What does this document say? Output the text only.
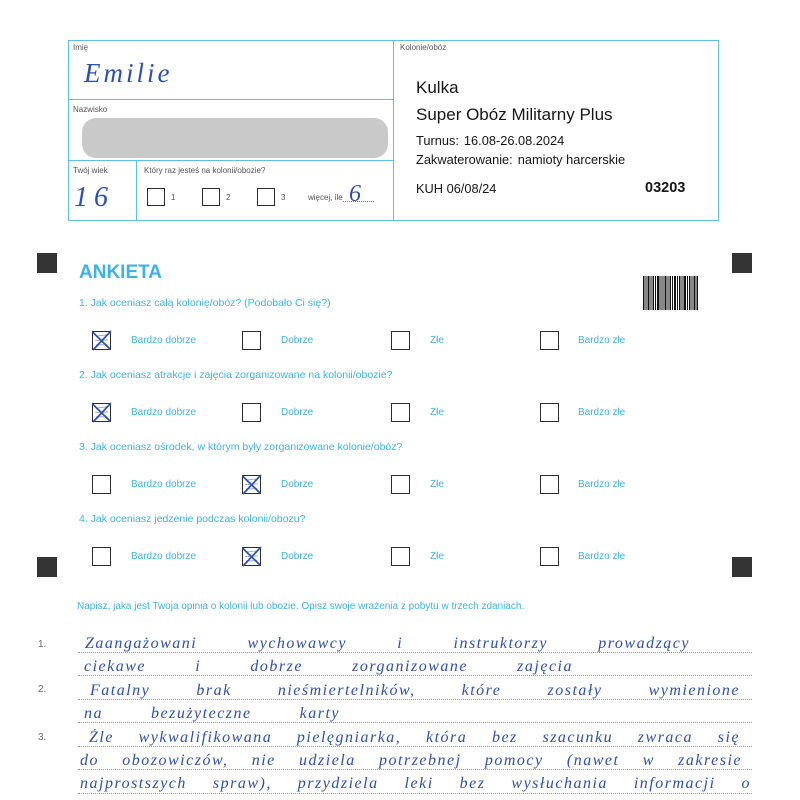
Imię
Emilie
Nazwisko
Twój wiek
16
Który raz jesteś na kolonii/obozie?
1	2	3	więcej, ile 6
Kolonie/obóz
Kulka
Super Obóz Militarny Plus
Turnus: 16.08-26.08.2024
Zakwaterowanie: namioty harcerskie
KUH 06/08/24	03203
ANKIETA
1. Jak oceniasz całą kolonię/obóz? (Podobało Ci się?)
Bardzo dobrze	Dobrze	Złe	Bardzo złe
2. Jak oceniasz atrakcje i zajęcia zorganizowane na kolonii/obozie?
Bardzo dobrze	Dobrze	Złe	Bardzo złe
3. Jak oceniasz ośrodek, w którym były zorganizowane kolonie/obóz?
Bardzo dobrze	Dobrze	Złe	Bardzo złe
4. Jak oceniasz jedzenie podczas kolonii/obozu?
Bardzo dobrze	Dobrze	Złe	Bardzo złe
Napisz, jaka jest Twoja opinia o kolonii lub obozie. Opisz swoje wrażenia z pobytu w trzech zdaniach.
1.
2.
3.
Zaangażowani wychowawcy i instruktorzy prowadzący
ciekawe i dobrze zorganizowane zajęcia
Fatalny brak nieśmiertelników, które zostały wymienione
na bezużyteczne karty
Źle wykwalifikowana pielęgniarka, która bez szacunku zwraca się
do obozowiczów, nie udziela potrzebnej pomocy (nawet w zakresie
najprostszych spraw), przydziela leki bez wysłuchania informacji o
